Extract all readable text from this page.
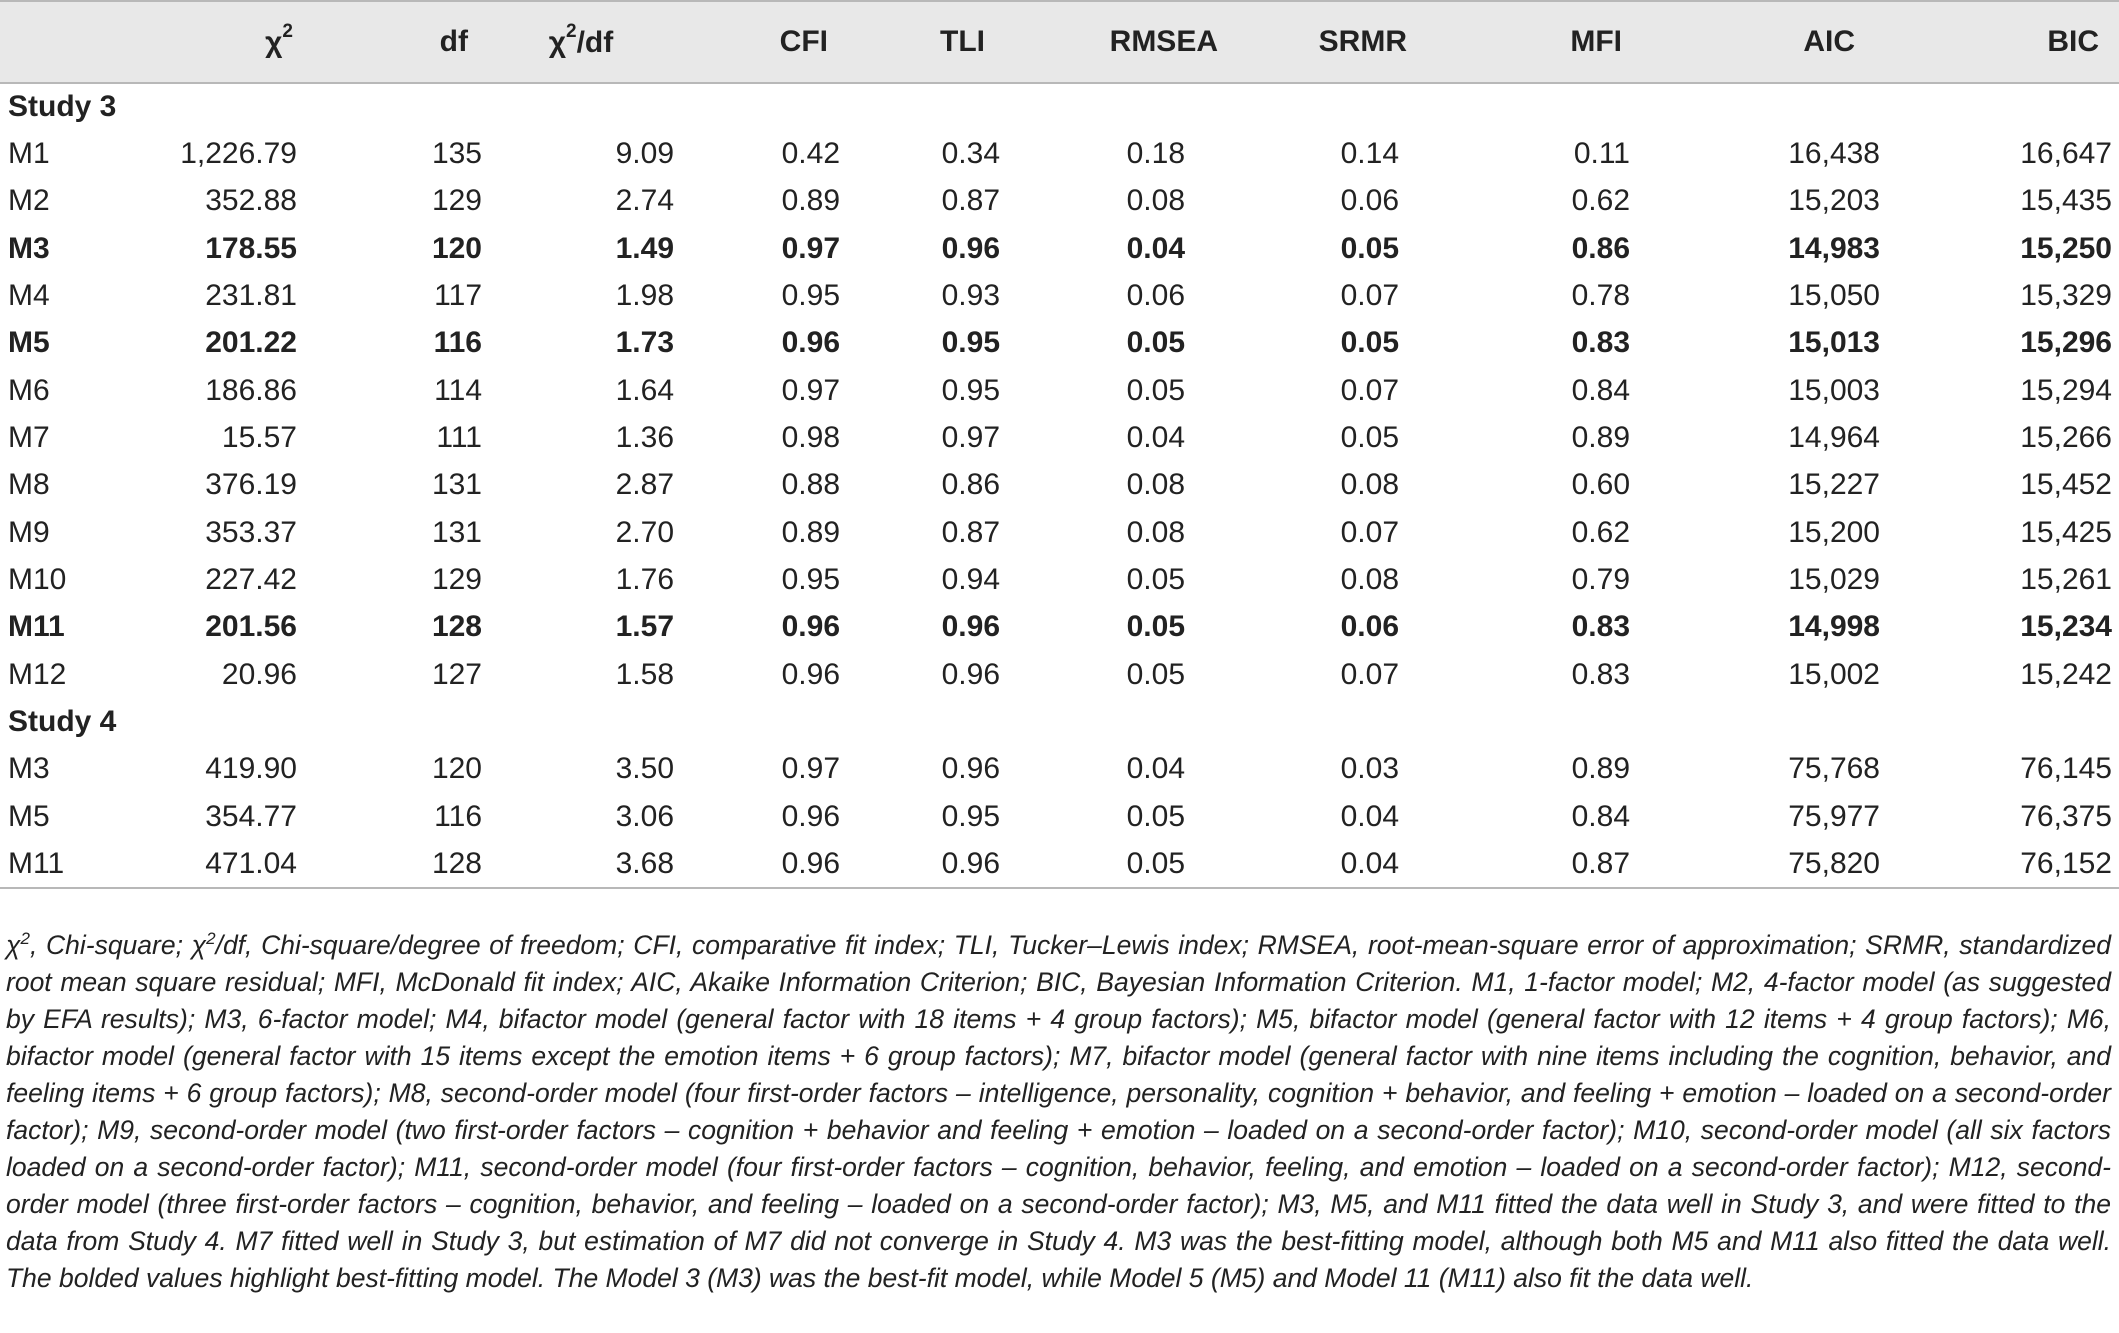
	$\chi^2$	df	$\chi^2/df$	CFI	TLI	RMSEA	SRMR	MFI	AIC	BIC
Study 3										
M1	1,226.79	135	9.09	0.42	0.34	0.18	0.14	0.11	16,438	16,647
M2	352.88	129	2.74	0.89	0.87	0.08	0.06	0.62	15,203	15,435
M3	178.55	120	1.49	0.97	0.96	0.04	0.05	0.86	14,983	15,250
M4	231.81	117	1.98	0.95	0.93	0.06	0.07	0.78	15,050	15,329
M5	201.22	116	1.73	0.96	0.95	0.05	0.05	0.83	15,013	15,296
M6	186.86	114	1.64	0.97	0.95	0.05	0.07	0.84	15,003	15,294
M7	15.57	111	1.36	0.98	0.97	0.04	0.05	0.89	14,964	15,266
M8	376.19	131	2.87	0.88	0.86	0.08	0.08	0.60	15,227	15,452
M9	353.37	131	2.70	0.89	0.87	0.08	0.07	0.62	15,200	15,425
M10	227.42	129	1.76	0.95	0.94	0.05	0.08	0.79	15,029	15,261
M11	201.56	128	1.57	0.96	0.96	0.05	0.06	0.83	14,998	15,234
M12	20.96	127	1.58	0.96	0.96	0.05	0.07	0.83	15,002	15,242
Study 4										
M3	419.90	120	3.50	0.97	0.96	0.04	0.03	0.89	75,768	76,145
M5	354.77	116	3.06	0.96	0.95	0.05	0.04	0.84	75,977	76,375
M11	471.04	128	3.68	0.96	0.96	0.05	0.04	0.87	75,820	76,152
$\chi^2$, Chi-square; $\chi^2/df$, Chi-square/degree of freedom; CFI, comparative fit index; TLI, Tucker–Lewis index; RMSEA, root-mean-square error of approximation; SRMR, standardized root mean square residual; MFI, McDonald fit index; AIC, Akaike Information Criterion; BIC, Bayesian Information Criterion. M1, 1-factor model; M2, 4-factor model (as suggested by EFA results); M3, 6-factor model; M4, bifactor model (general factor with 18 items + 4 group factors); M5, bifactor model (general factor with 12 items + 4 group factors); M6, bifactor model (general factor with 15 items except the emotion items + 6 group factors); M7, bifactor model (general factor with nine items including the cognition, behavior, and feeling items + 6 group factors); M8, second-order model (four first-order factors – intelligence, personality, cognition + behavior, and feeling + emotion – loaded on a second-order factor); M9, second-order model (two first-order factors – cognition + behavior and feeling + emotion – loaded on a second-order factor); M10, second-order model (all six factors loaded on a second-order factor); M11, second-order model (four first-order factors – cognition, behavior, feeling, and emotion – loaded on a second-order factor); M12, second-order model (three first-order factors – cognition, behavior, and feeling – loaded on a second-order factor); M3, M5, and M11 fitted the data well in Study 3, and were fitted to the data from Study 4. M7 fitted well in Study 3, but estimation of M7 did not converge in Study 4. M3 was the best-fitting model, although both M5 and M11 also fitted the data well. The bolded values highlight best-fitting model. The Model 3 (M3) was the best-fit model, while Model 5 (M5) and Model 11 (M11) also fit the data well.
